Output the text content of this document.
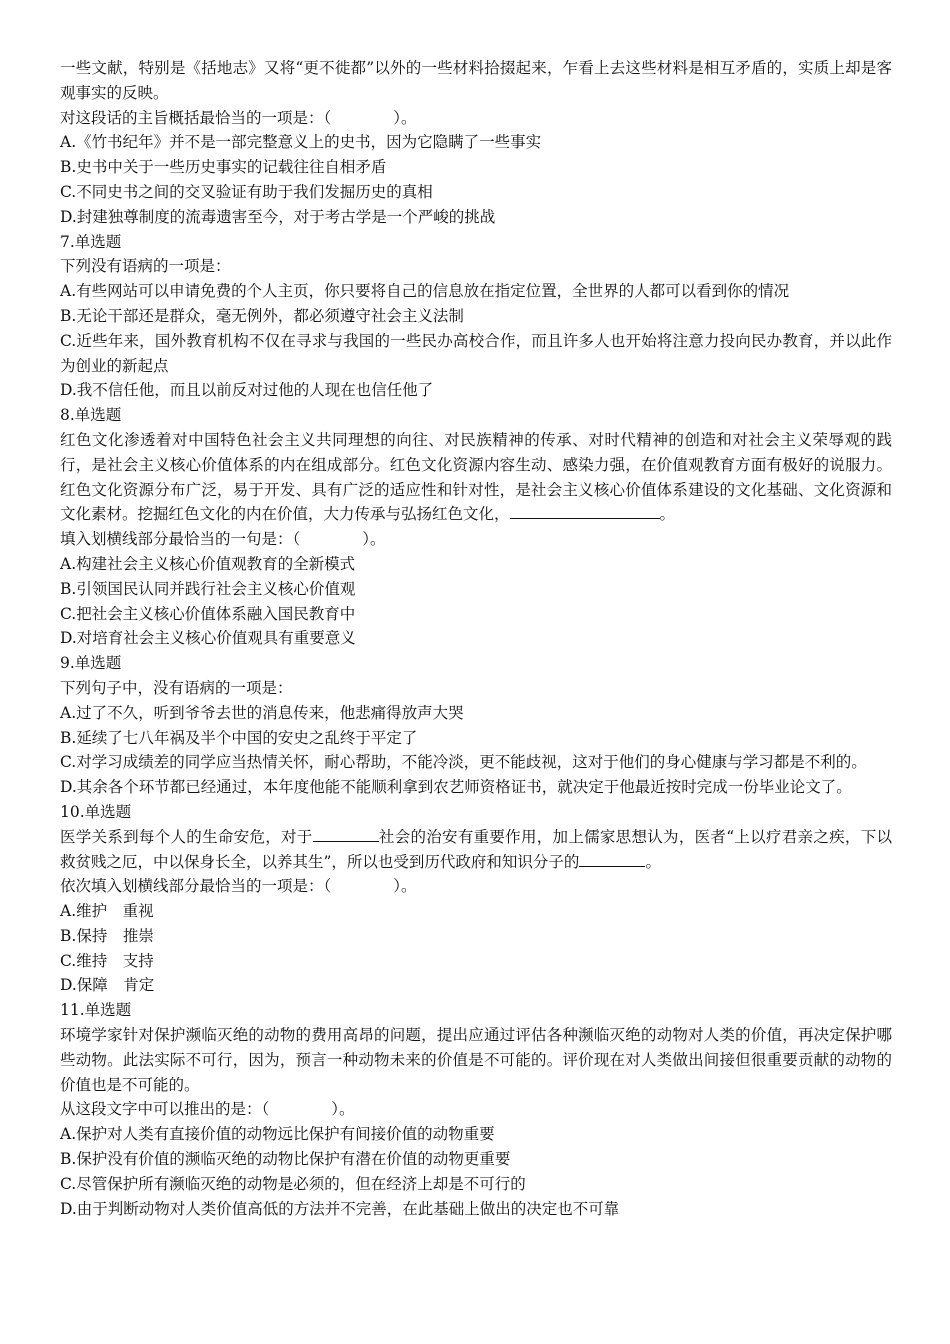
一些文献，特别是《括地志》又将“更不徙都”以外的一些材料拾掇起来，乍看上去这些材料是相互矛盾的，实质上却是客观事实的反映。

对这段话的主旨概括最恰当的一项是：（　　　　）。

A.《竹书纪年》并不是一部完整意义上的史书，因为它隐瞒了一些事实

B.史书中关于一些历史事实的记载往往自相矛盾

C.不同史书之间的交叉验证有助于我们发掘历史的真相

D.封建独尊制度的流毒遗害至今，对于考古学是一个严峻的挑战

7.单选题

下列没有语病的一项是：

A.有些网站可以申请免费的个人主页，你只要将自己的信息放在指定位置，全世界的人都可以看到你的情况

B.无论干部还是群众，毫无例外，都必须遵守社会主义法制

C.近些年来，国外教育机构不仅在寻求与我国的一些民办高校合作，而且许多人也开始将注意力投向民办教育，并以此作为创业的新起点

D.我不信任他，而且以前反对过他的人现在也信任他了

8.单选题

红色文化渗透着对中国特色社会主义共同理想的向往、对民族精神的传承、对时代精神的创造和对社会主义荣辱观的践行，是社会主义核心价值体系的内在组成部分。红色文化资源内容生动、感染力强，在价值观教育方面有极好的说服力。红色文化资源分布广泛，易于开发、具有广泛的适应性和针对性，是社会主义核心价值体系建设的文化基础、文化资源和文化素材。挖掘红色文化的内在价值，大力传承与弘扬红色文化，	。

填入划横线部分最恰当的一句是：（　　　　）。

A.构建社会主义核心价值观教育的全新模式

B.引领国民认同并践行社会主义核心价值观

C.把社会主义核心价值体系融入国民教育中

D.对培育社会主义核心价值观具有重要意义

9.单选题

下列句子中，没有语病的一项是：

A.过了不久，听到爷爷去世的消息传来，他悲痛得放声大哭

B.延续了七八年祸及半个中国的安史之乱终于平定了

C.对学习成绩差的同学应当热情关怀，耐心帮助，不能冷淡，更不能歧视，这对于他们的身心健康与学习都是不利的。

D.其余各个环节都已经通过，本年度他能不能顺利拿到农艺师资格证书，就决定于他最近按时完成一份毕业论文了。

10.单选题

医学关系到每个人的生命安危，对于	社会的治安有重要作用，加上儒家思想认为，医者“上以疗君亲之疾，下以救贫贱之厄，中以保身长全，以养其生”，所以也受到历代政府和知识分子的	。

依次填入划横线部分最恰当的一项是：（　　　　）。

A.维护　重视

B.保持　推崇

C.维持　支持

D.保障　肯定

11.单选题

环境学家针对保护濒临灭绝的动物的费用高昂的问题，提出应通过评估各种濒临灭绝的动物对人类的价值，再决定保护哪些动物。此法实际不可行，因为，预言一种动物未来的价值是不可能的。评价现在对人类做出间接但很重要贡献的动物的价值也是不可能的。

从这段文字中可以推出的是：（　　　　）。

A.保护对人类有直接价值的动物远比保护有间接价值的动物重要

B.保护没有价值的濒临灭绝的动物比保护有潜在价值的动物更重要

C.尽管保护所有濒临灭绝的动物是必须的，但在经济上却是不可行的

D.由于判断动物对人类价值高低的方法并不完善，在此基础上做出的决定也不可靠
